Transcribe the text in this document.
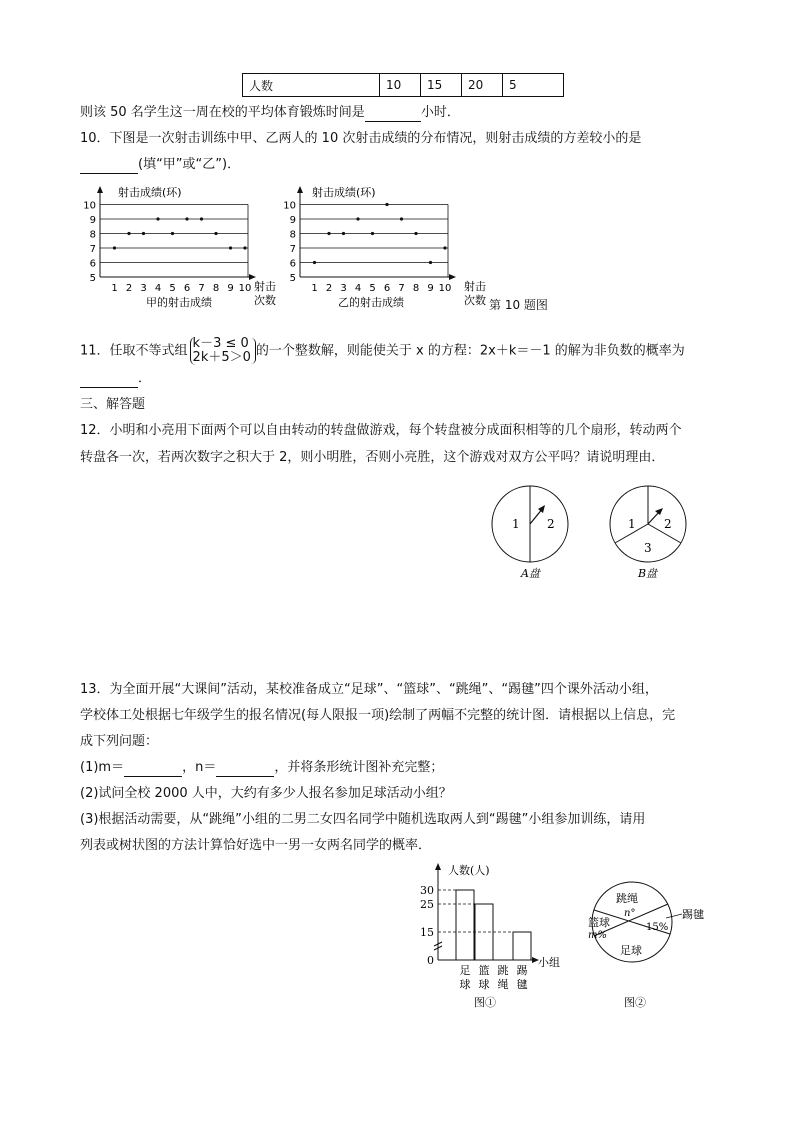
人数	10	15	20	5
则该 50 名学生这一周在校的平均体育锻炼时间是	小时．
10．下图是一次射击训练中甲、乙两人的 10 次射击成绩的分布情况，则射击成绩的方差较小的是
(填“甲”或“乙”)．
射击成绩(环)
5
6
7
8
9
10
1 2 3 4 5 6 7 8 9 10 射击
次数
甲的射击成绩
射击成绩(环)
5
6
7
8
9
10
1 2 3 4 5 6 7 8 9 10 射击
次数
乙的射击成绩	第 10 题图
11．任取不等式组 k－3 ≤ 0
2k＋5＞0 的一个整数解，则能使关于 x 的方程：2x＋k＝－1 的解为非负数的概率为
．
三、解答题
12．小明和小亮用下面两个可以自由转动的转盘做游戏，每个转盘被分成面积相等的几个扇形，转动两个
转盘各一次，若两次数字之积大于 2，则小明胜，否则小亮胜，这个游戏对双方公平吗？请说明理由．
1 2
A盘
1 2
3
B盘
13．为全面开展“大课间”活动，某校准备成立“足球”、“篮球”、“跳绳”、“踢毽”四个课外活动小组，
学校体工处根据七年级学生的报名情况(每人限报一项)绘制了两幅不完整的统计图．请根据以上信息，完
成下列问题：
(1)m＝	，n＝	，并将条形统计图补充完整；
(2)试问全校 2000 人中，大约有多少人报名参加足球活动小组？
(3)根据活动需要，从“跳绳”小组的二男二女四名同学中随机选取两人到“踢毽”小组参加训练，请用
列表或树状图的方法计算恰好选中一男一女两名同学的概率．
人数(人)
小组
30
25
15
0
足
球
篮
球
跳
绳
踢
毽
图①
跳绳
n°
篮球
m%
足球
15%
踢毽
图②
